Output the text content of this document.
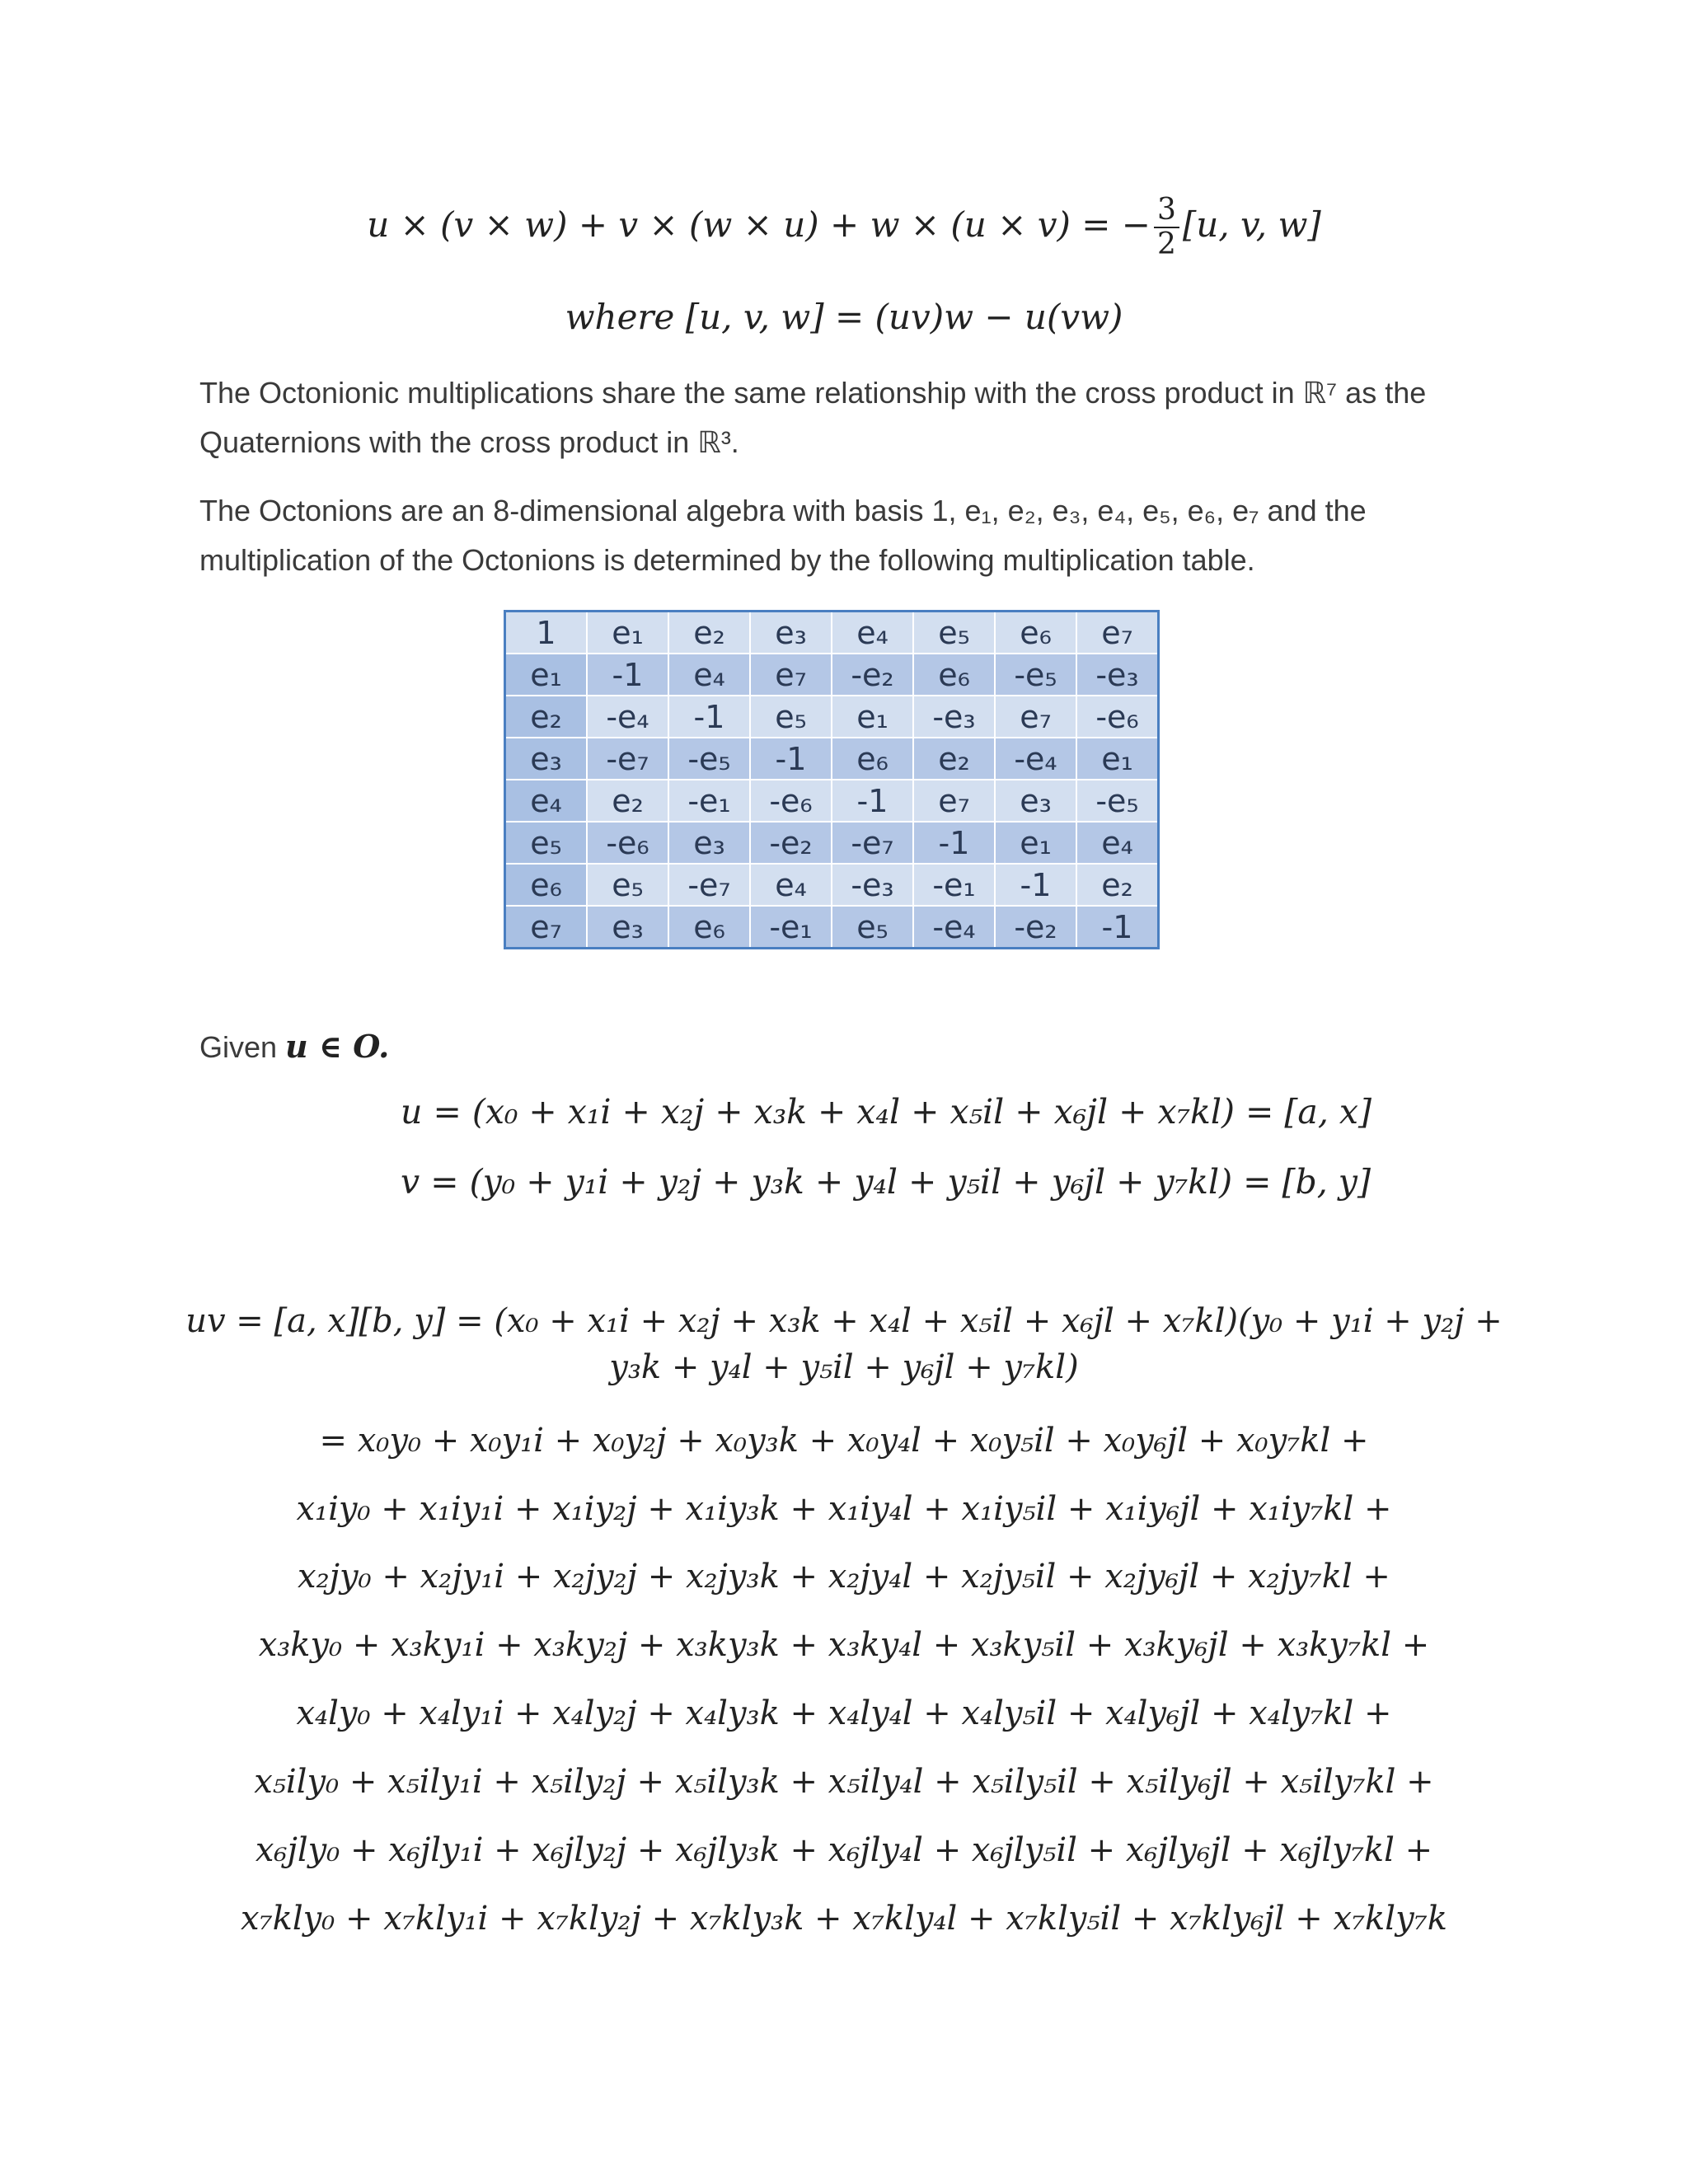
u × (v × w) + v × (w × u) + w × (u × v) = − $\frac{3}{2} [u$, v, w]
where [u, v, w] = (uv)w − u(vw)
The Octonionic multiplications share the same relationship with the cross product in ℝ⁷ as the
Quaternions with the cross product in ℝ³.
The Octonions are an 8-dimensional algebra with basis 1, e₁, e₂, e₃, e₄, e₅, e₆, e₇ and the
multiplication of the Octonions is determined by the following multiplication table.
1	e₁	e₂	e₃	e₄	e₅	e₆	e₇
e₁	-1	e₄	e₇	-e₂	e₆	-e₅	-e₃
e₂	-e₄	-1	e₅	e₁	-e₃	e₇	-e₆
e₃	-e₇	-e₅	-1	e₆	e₂	-e₄	e₁
e₄	e₂	-e₁	-e₆	-1	e₇	e₃	-e₅
e₅	-e₆	e₃	-e₂	-e₇	-1	e₁	e₄
e₆	e₅	-e₇	e₄	-e₃	-e₁	-1	e₂
e₇	e₃	e₆	-e₁	e₅	-e₄	-e₂	-1
Given u ∈ O.
u = (x₀ + x₁i + x₂j + x₃k + x₄l + x₅il + x₆jl + x₇kl) = [a, x]
v = (y₀ + y₁i + y₂j + y₃k + y₄l + y₅il + y₆jl + y₇kl) = [b, y]
uv = [a, x][b, y] = (x₀ + x₁i + x₂j + x₃k + x₄l + x₅il + x₆jl + x₇kl)(y₀ + y₁i + y₂j +
y₃k + y₄l + y₅il + y₆jl + y₇kl)
= x₀y₀ + x₀y₁i + x₀y₂j + x₀y₃k + x₀y₄l + x₀y₅il + x₀y₆jl + x₀y₇kl +
x₁iy₀ + x₁iy₁i + x₁iy₂j + x₁iy₃k + x₁iy₄l + x₁iy₅il + x₁iy₆jl + x₁iy₇kl +
x₂jy₀ + x₂jy₁i + x₂jy₂j + x₂jy₃k + x₂jy₄l + x₂jy₅il + x₂jy₆jl + x₂jy₇kl +
x₃ky₀ + x₃ky₁i + x₃ky₂j + x₃ky₃k + x₃ky₄l + x₃ky₅il + x₃ky₆jl + x₃ky₇kl +
x₄ly₀ + x₄ly₁i + x₄ly₂j + x₄ly₃k + x₄ly₄l + x₄ly₅il + x₄ly₆jl + x₄ly₇kl +
x₅ily₀ + x₅ily₁i + x₅ily₂j + x₅ily₃k + x₅ily₄l + x₅ily₅il + x₅ily₆jl + x₅ily₇kl +
x₆jly₀ + x₆jly₁i + x₆jly₂j + x₆jly₃k + x₆jly₄l + x₆jly₅il + x₆jly₆jl + x₆jly₇kl +
x₇kly₀ + x₇kly₁i + x₇kly₂j + x₇kly₃k + x₇kly₄l + x₇kly₅il + x₇kly₆jl + x₇kly₇k
